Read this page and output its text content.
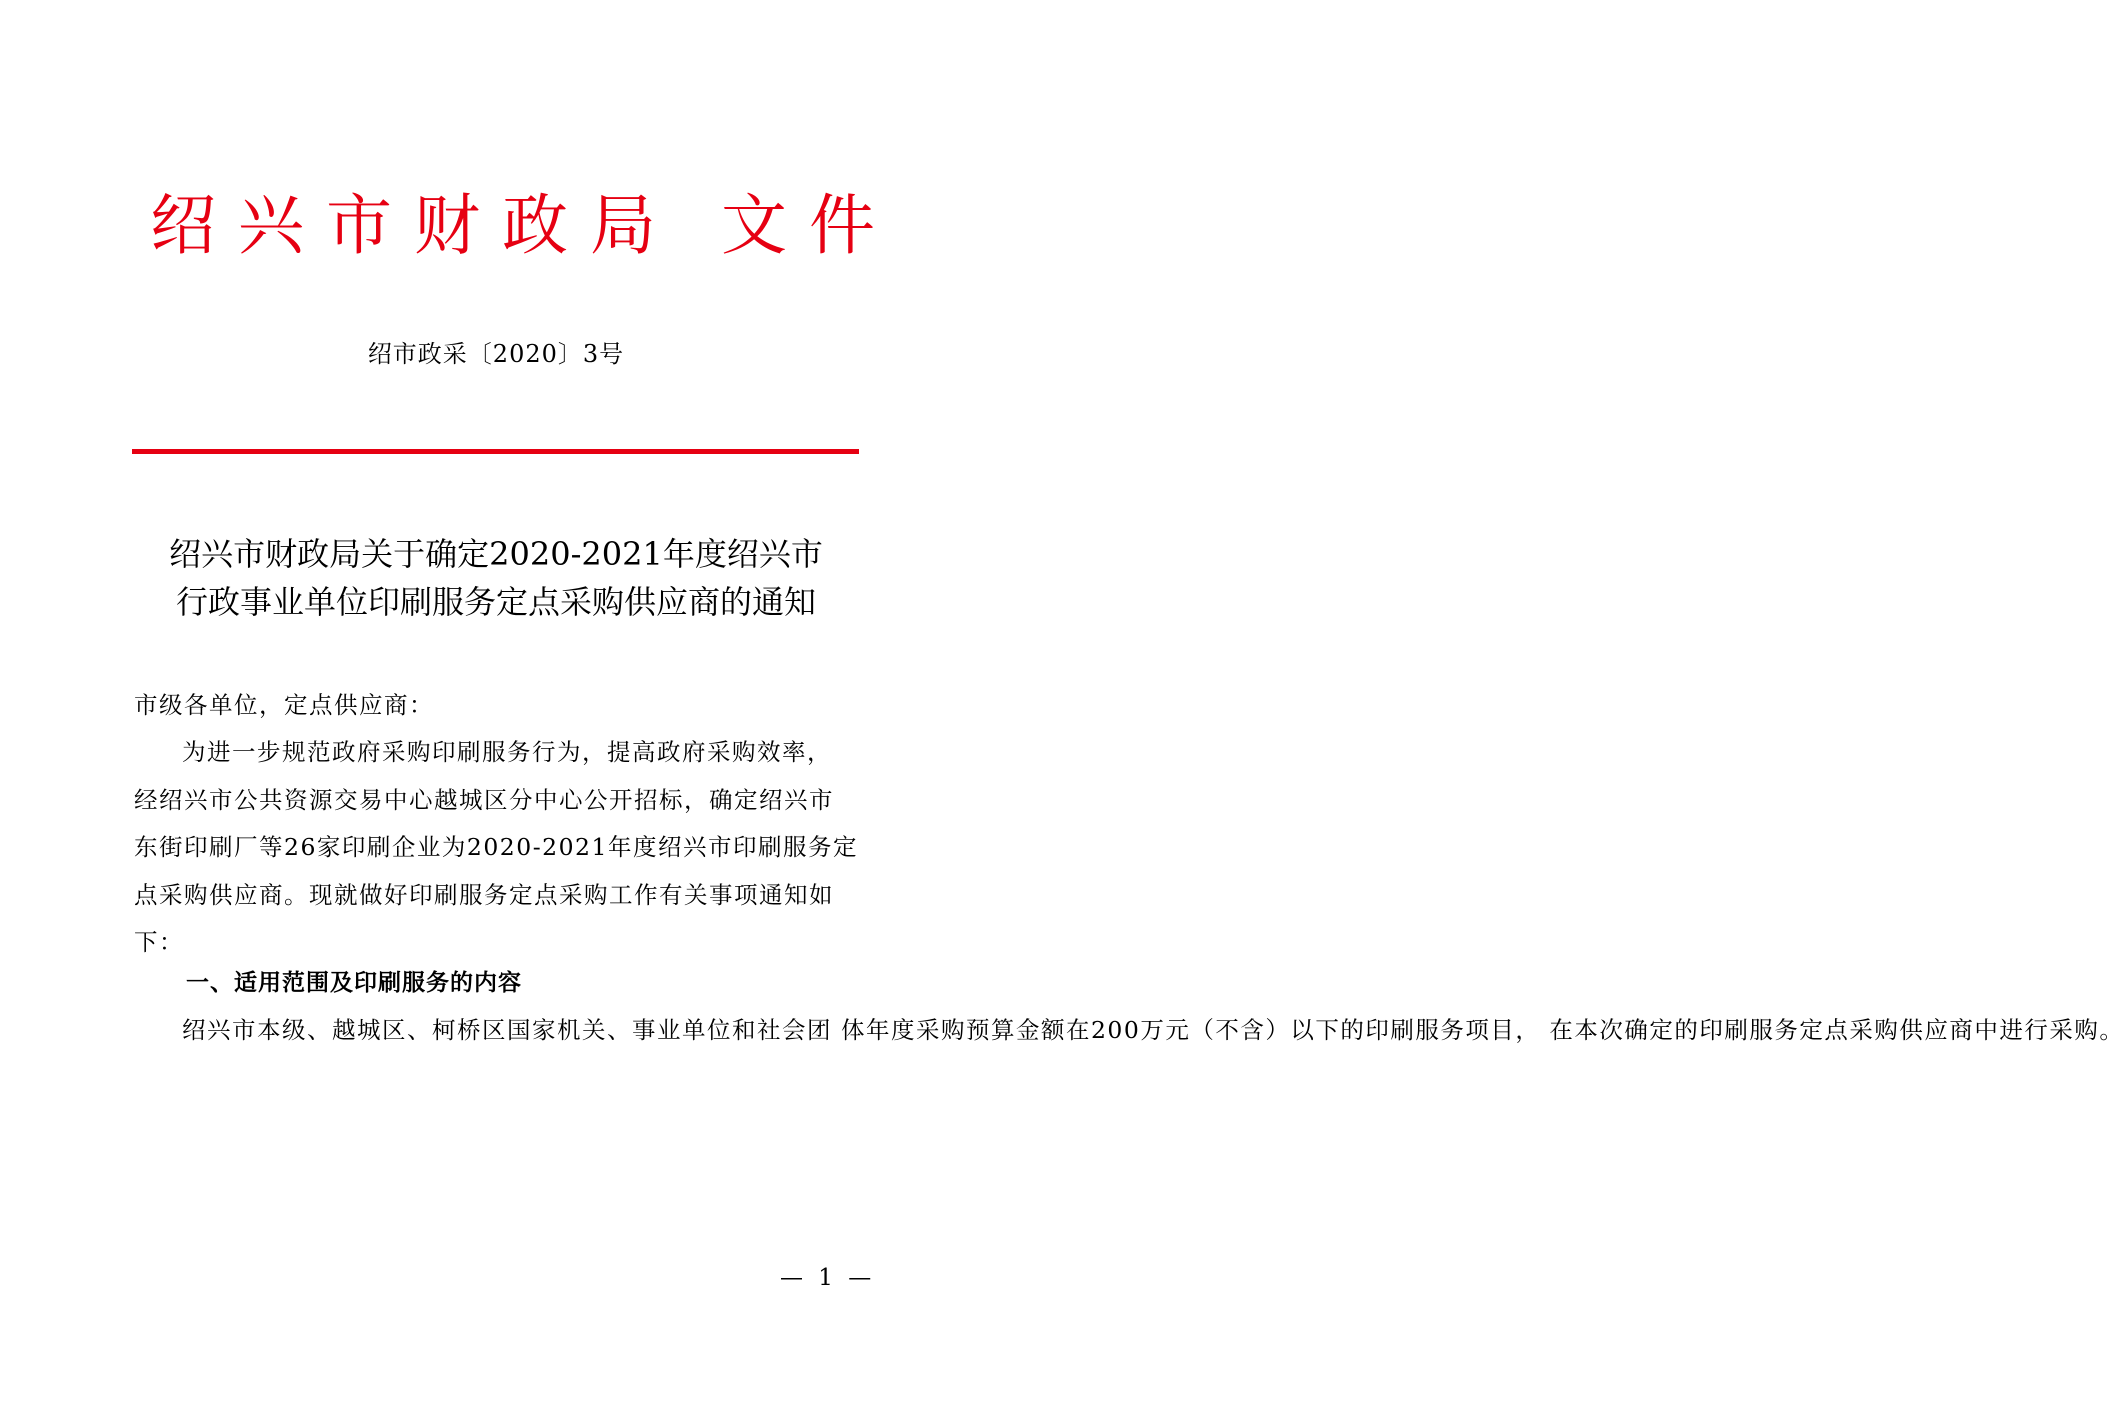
绍兴市财政局 文件
绍市政采〔2020〕3号
绍兴市财政局关于确定2020-2021年度绍兴市
行政事业单位印刷服务定点采购供应商的通知
市级各单位，定点供应商：
为进一步规范政府采购印刷服务行为，提高政府采购效率，
经绍兴市公共资源交易中心越城区分中心公开招标，确定绍兴市
东街印刷厂等26家印刷企业为2020-2021年度绍兴市印刷服务定
点采购供应商。现就做好印刷服务定点采购工作有关事项通知如
下：
一、适用范围及印刷服务的内容
绍兴市本级、越城区、柯桥区国家机关、事业单位和社会团 体年度采购预算金额在200万元（不含）以下的印刷服务项目， 在本次确定的印刷服务定点采购供应商中进行采购。
— 1 —
